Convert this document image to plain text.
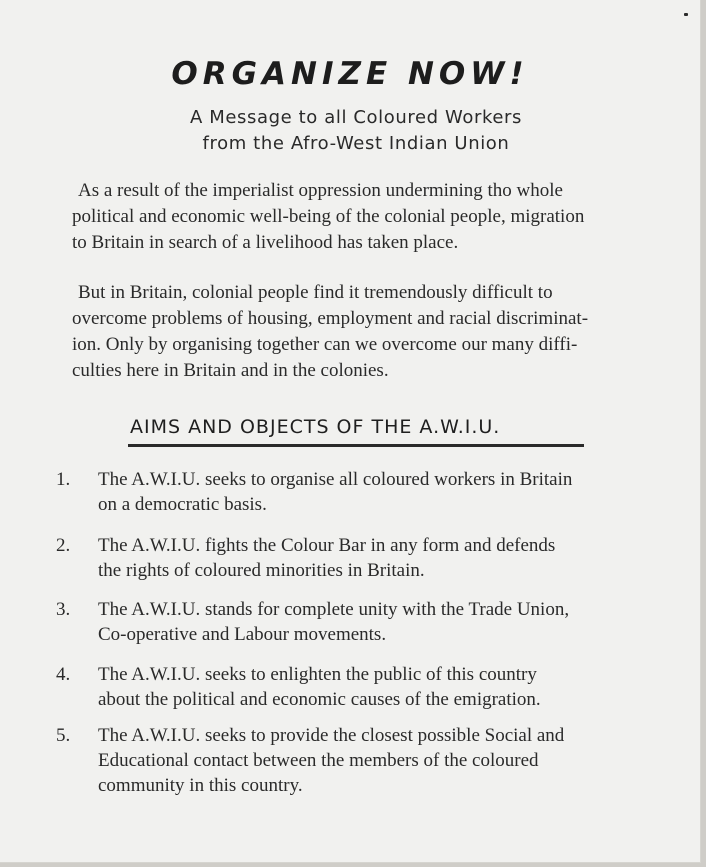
ORGANIZE NOW!
A Message to all Coloured Workers
from the Afro-West Indian Union
As a result of the imperialist oppression undermining tho whole
political and economic well-being of the colonial people, migration
to Britain in search of a livelihood has taken place.
But in Britain, colonial people find it tremendously difficult to
overcome problems of housing, employment and racial discriminat-
ion. Only by organising together can we overcome our many diffi-
culties here in Britain and in the colonies.
AIMS AND OBJECTS OF THE A.W.I.U.
1. The A.W.I.U. seeks to organise all coloured workers in Britain
on a democratic basis.
2. The A.W.I.U. fights the Colour Bar in any form and defends
the rights of coloured minorities in Britain.
3. The A.W.I.U. stands for complete unity with the Trade Union,
Co-operative and Labour movements.
4. The A.W.I.U. seeks to enlighten the public of this country
about the political and economic causes of the emigration.
5. The A.W.I.U. seeks to provide the closest possible Social and
Educational contact between the members of the coloured
community in this country.
